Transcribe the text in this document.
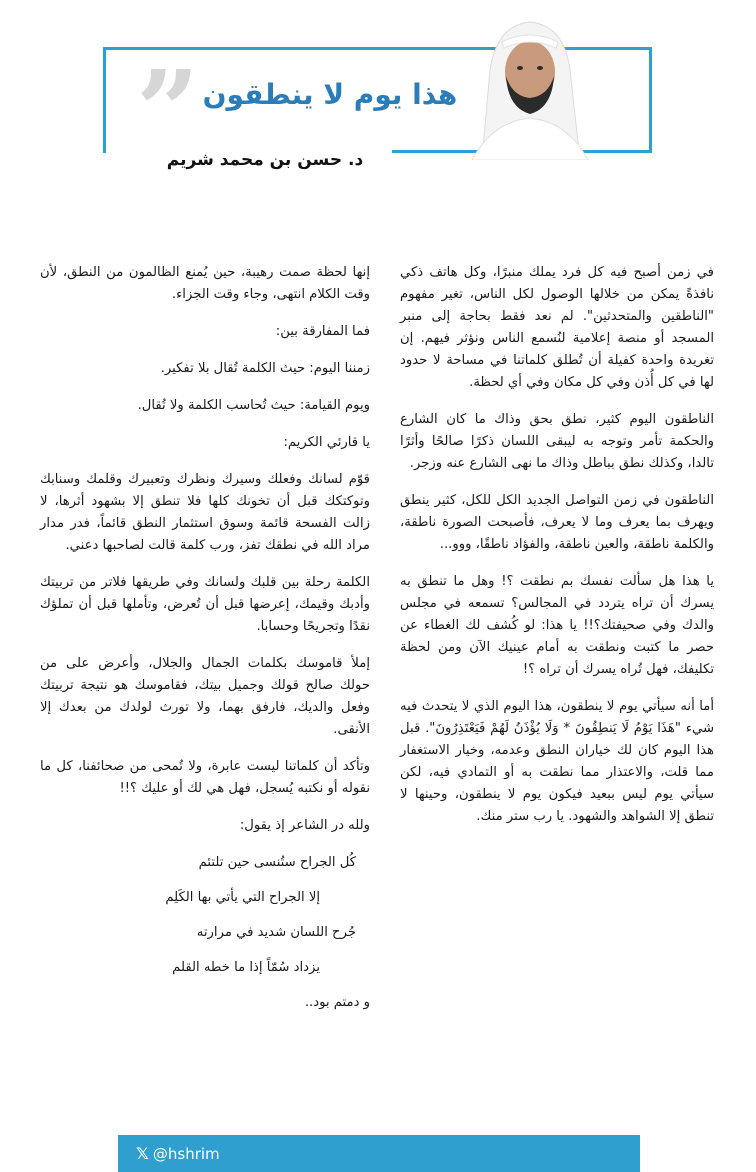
” هذا يوم لا ينطقون
د. حسن بن محمد شريم

في زمن أصبح فيه كل فرد يملك منبرًا، وكل هاتف ذكي نافذةً يمكن من خلالها الوصول لكل الناس، تغير مفهوم "الناطقين والمتحدثين". لم نعد فقط بحاجة إلى منبر المسجد أو منصة إعلامية لنُسمع الناس ونؤثر فيهم. إن تغريدة واحدة كفيلة أن تُطلق كلماتنا في مساحة لا حدود لها في كل أُذن وفي كل مكان وفي أي لحظة.

الناطقون اليوم كثير، نطق بحق وذاك ما كان الشارع والحكمة تأمر وتوجه به ليبقى اللسان ذكرًا صالحًا وأثرًا تالدا، وكذلك نطق بباطل وذاك ما نهى الشارع عنه وزجر.

الناطقون في زمن التواصل الجديد الكل للكل، كثير ينطق ويهرف بما يعرف وما لا يعرف، فأصبحت الصورة ناطقة، والكلمة ناطقة، والعين ناطقة، والفؤاد ناطقًا، ووو...

يا هذا هل سألت نفسك بم نطقت ؟! وهل ما تنطق به يسرك أن تراه يتردد في المجالس؟ تسمعه في مجلس والدك وفي صحيفتك؟!! يا هذا: لو كُشف لك الغطاء عن حصر ما كتبت ونطقت به أمام عينيك الآن ومن لحظة تكليفك، فهل تُراه يسرك أن تراه ؟!

أما أنه سيأتي يوم لا ينطقون، هذا اليوم الذي لا يتحدث فيه شيء "هَذَا يَوْمُ لَا يَنطِقُونَ * وَلَا يُؤْذَنُ لَهُمْ فَيَعْتَذِرُونَ". قبل هذا اليوم كان لك خياران النطق وعدمه، وخيار الاستغفار مما قلت، والاعتذار مما نطقت به أو التمادي فيه، لكن سيأتي يوم ليس ببعيد فيكون يوم لا ينطقون، وحينها لا تنطق إلا الشواهد والشهود. يا رب ستر منك.

إنها لحظة صمت رهيبة، حين يُمنع الظالمون من النطق، لأن وقت الكلام انتهى، وجاء وقت الجزاء.

فما المفارقة بين:

زمننا اليوم: حيث الكلمة تُقال بلا تفكير.

ويوم القيامة: حيث تُحاسب الكلمة ولا تُقال.

يا قارئي الكريم:

قوّم لسانك وفعلك وسيرك ونظرك وتعبيرك وقلمك وسنابك وتوكتكك قبل أن تخونك كلها فلا تنطق إلا بشهود أثرها، لا زالت الفسحة قائمة وسوق استثمار النطق قائماً، فدر مدار مراد الله في نطقك تفز، ورب كلمة قالت لصاحبها دعني.

الكلمة رحلة بين قلبك ولسانك وفي طريقها فلاتر من تربيتك وأدبك وقيمك، إعرضها قبل أن تُعرض، وتأملها قبل أن تملؤك نقدًا وتجريحًا وحسابا.

إملأ قاموسك بكلمات الجمال والجلال، وأعرض على من حولك صالح قولك وجميل بيتك، فقاموسك هو نتيجة تربيتك وفعل والديك، فارفق بهما، ولا تورث لولدك من بعدك إلا الأنقى.

وتأكد أن كلماتنا ليست عابرة، ولا تُمحى من صحائفنا، كل ما نقوله أو نكتبه يُسجل، فهل هي لك أو عليك ؟!!

ولله در الشاعر إذ يقول:

كُل الجراح ستُنسى حين تلتئم

إلا الجراح التي يأتي بها الكَلِم

جُرح اللسان شديد في مرارته

يزداد سُمّاً إذا ما خطه القلم

و دمتم بود..

𝕏 @hshrim
